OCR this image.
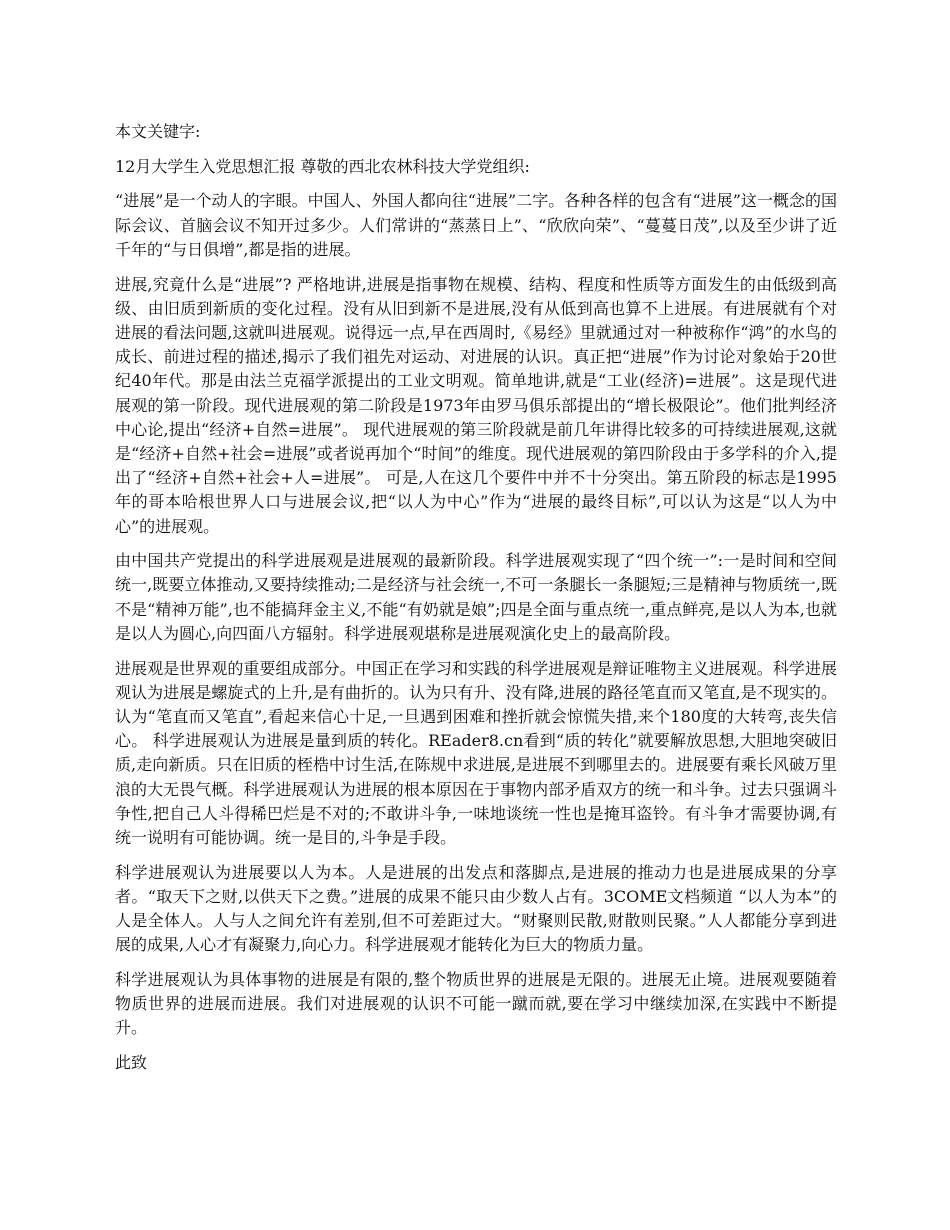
本文关键字:

12月大学生入党思想汇报 尊敬的西北农林科技大学党组织:

“进展”是一个动人的字眼。中国人、外国人都向往“进展”二字。各种各样的包含有“进展”这一概念的国际会议、首脑会议不知开过多少。人们常讲的“蒸蒸日上”、“欣欣向荣”、“蔓蔓日茂”,以及至少讲了近千年的“与日俱增”,都是指的进展。

进展,究竟什么是“进展”? 严格地讲,进展是指事物在规模、结构、程度和性质等方面发生的由低级到高级、由旧质到新质的变化过程。没有从旧到新不是进展,没有从低到高也算不上进展。有进展就有个对进展的看法问题,这就叫进展观。说得远一点,早在西周时,《易经》里就通过对一种被称作“鸿”的水鸟的成长、前进过程的描述,揭示了我们祖先对运动、对进展的认识。真正把“进展”作为讨论对象始于20世纪40年代。那是由法兰克福学派提出的工业文明观。简单地讲,就是“工业(经济)=进展”。这是现代进展观的第一阶段。现代进展观的第二阶段是1973年由罗马俱乐部提出的“增长极限论”。他们批判经济中心论,提出“经济+自然=进展”。 现代进展观的第三阶段就是前几年讲得比较多的可持续进展观,这就是“经济+自然+社会=进展”或者说再加个“时间”的维度。现代进展观的第四阶段由于多学科的介入,提出了“经济+自然+社会+人=进展”。 可是,人在这几个要件中并不十分突出。第五阶段的标志是1995年的哥本哈根世界人口与进展会议,把“以人为中心”作为“进展的最终目标”,可以认为这是“以人为中心”的进展观。

由中国共产党提出的科学进展观是进展观的最新阶段。科学进展观实现了“四个统一”:一是时间和空间统一,既要立体推动,又要持续推动;二是经济与社会统一,不可一条腿长一条腿短;三是精神与物质统一,既不是“精神万能”,也不能搞拜金主义,不能“有奶就是娘”;四是全面与重点统一,重点鲜亮,是以人为本,也就是以人为圆心,向四面八方辐射。科学进展观堪称是进展观演化史上的最高阶段。

进展观是世界观的重要组成部分。中国正在学习和实践的科学进展观是辩证唯物主义进展观。科学进展观认为进展是螺旋式的上升,是有曲折的。认为只有升、没有降,进展的路径笔直而又笔直,是不现实的。认为“笔直而又笔直”,看起来信心十足,一旦遇到困难和挫折就会惊慌失措,来个180度的大转弯,丧失信心。 科学进展观认为进展是量到质的转化。REader8.cn看到“质的转化”就要解放思想,大胆地突破旧质,走向新质。只在旧质的桎梏中讨生活,在陈规中求进展,是进展不到哪里去的。进展要有乘长风破万里浪的大无畏气概。科学进展观认为进展的根本原因在于事物内部矛盾双方的统一和斗争。过去只强调斗争性,把自己人斗得稀巴烂是不对的;不敢讲斗争,一味地谈统一性也是掩耳盗铃。有斗争才需要协调,有统一说明有可能协调。统一是目的,斗争是手段。

科学进展观认为进展要以人为本。人是进展的出发点和落脚点,是进展的推动力也是进展成果的分享者。“取天下之财,以供天下之费。”进展的成果不能只由少数人占有。3COME文档频道 “以人为本”的人是全体人。人与人之间允许有差别,但不可差距过大。“财聚则民散,财散则民聚。”人人都能分享到进展的成果,人心才有凝聚力,向心力。科学进展观才能转化为巨大的物质力量。

科学进展观认为具体事物的进展是有限的,整个物质世界的进展是无限的。进展无止境。进展观要随着物质世界的进展而进展。我们对进展观的认识不可能一蹴而就,要在学习中继续加深,在实践中不断提升。

此致
